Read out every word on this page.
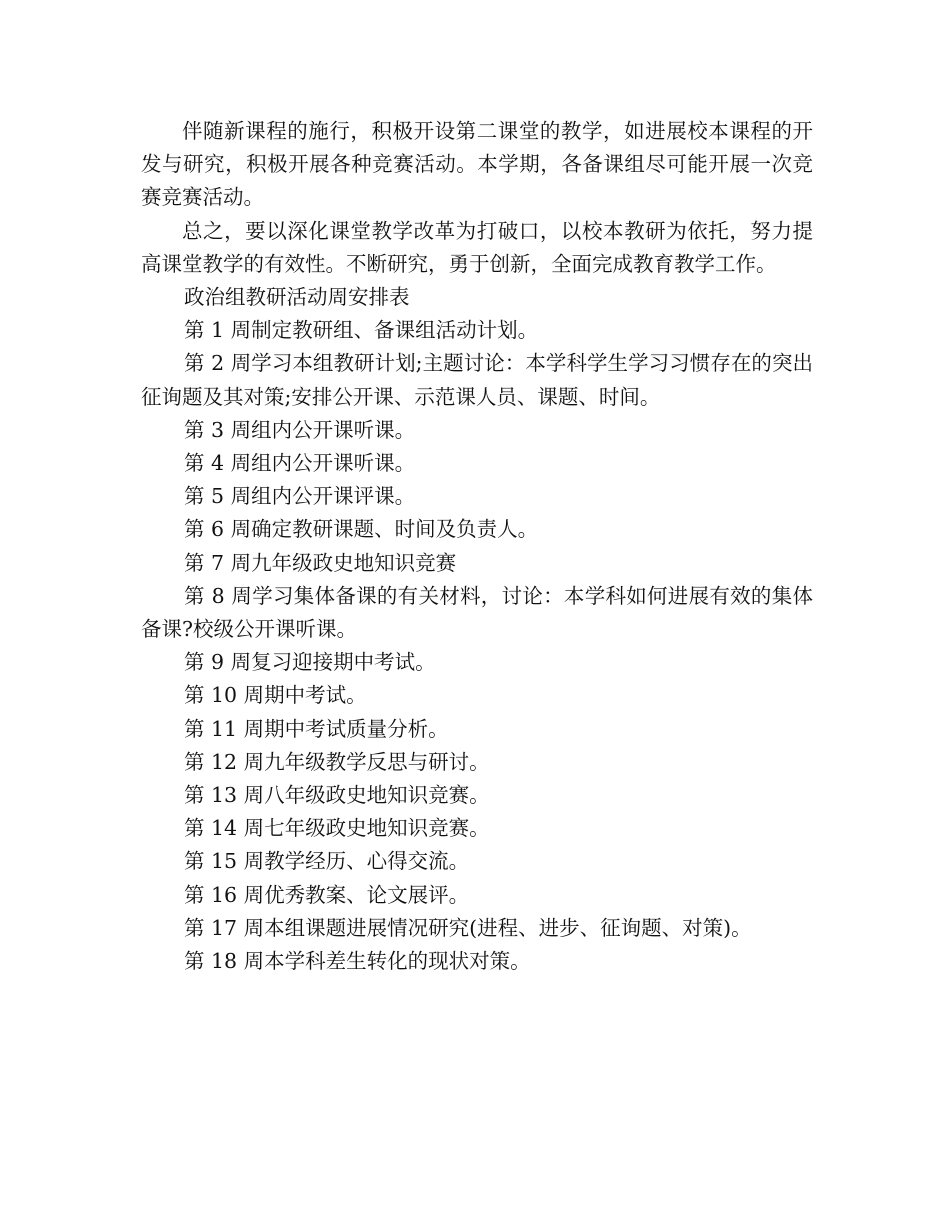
伴随新课程的施行，积极开设第二课堂的教学，如进展校本课程的开发与研究，积极开展各种竞赛活动。本学期，各备课组尽可能开展一次竞赛竞赛活动。

总之，要以深化课堂教学改革为打破口，以校本教研为依托，努力提高课堂教学的有效性。不断研究，勇于创新，全面完成教育教学工作。

政治组教研活动周安排表

第 1 周制定教研组、备课组活动计划。

第 2 周学习本组教研计划;主题讨论：本学科学生学习习惯存在的突出征询题及其对策;安排公开课、示范课人员、课题、时间。

第 3 周组内公开课听课。

第 4 周组内公开课听课。

第 5 周组内公开课评课。

第 6 周确定教研课题、时间及负责人。

第 7 周九年级政史地知识竞赛

第 8 周学习集体备课的有关材料，讨论：本学科如何进展有效的集体备课?校级公开课听课。

第 9 周复习迎接期中考试。

第 10 周期中考试。

第 11 周期中考试质量分析。

第 12 周九年级教学反思与研讨。

第 13 周八年级政史地知识竞赛。

第 14 周七年级政史地知识竞赛。

第 15 周教学经历、心得交流。

第 16 周优秀教案、论文展评。

第 17 周本组课题进展情况研究(进程、进步、征询题、对策)。

第 18 周本学科差生转化的现状对策。
